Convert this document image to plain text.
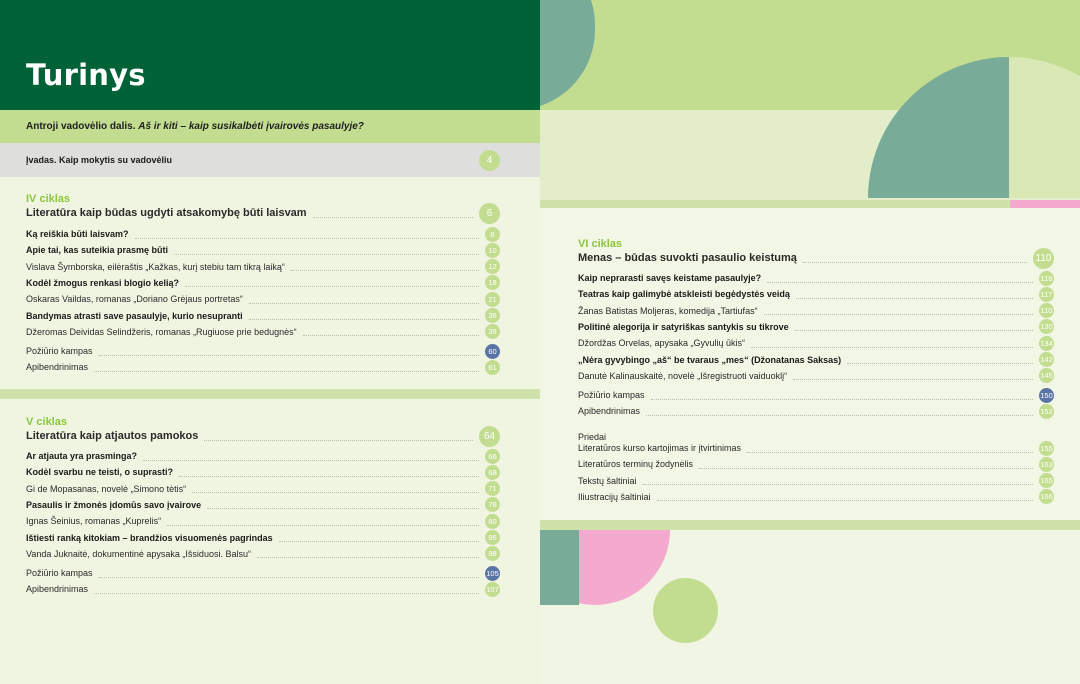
Turinys
Antroji vadovėlio dalis. Aš ir kiti – kaip susikalbėti įvairovės pasaulyje?
Įvadas. Kaip mokytis su vadovėliu	4
IV ciklas
Literatūra kaip būdas ugdyti atsakomybę būti laisvam	6
Ką reiškia būti laisvam?	8
Apie tai, kas suteikia prasmę būti	10
Vislava Šymborska, eilėraštis „Kažkas, kurį stebiu tam tikrą laiką“	12
Kodėl žmogus renkasi blogio kelią?	18
Oskaras Vaildas, romanas „Doriano Grėjaus portretas“	21
Bandymas atrasti save pasaulyje, kurio nesupranti	36
Džeromas Deividas Selindžeris, romanas „Rugiuose prie bedugnės“	39
Požiūrio kampas	60
Apibendrinimas	61
V ciklas
Literatūra kaip atjautos pamokos	64
Ar atjauta yra prasminga?	66
Kodėl svarbu ne teisti, o suprasti?	68
Gi de Mopasanas, novelė „Simono tėtis“	71
Pasaulis ir žmonės įdomūs savo įvairove	78
Ignas Šeinius, romanas „Kuprelis“	80
Ištiesti ranką kitokiam – brandžios visuomenės pagrindas	96
Vanda Juknaitė, dokumentinė apysaka „Išsiduosi. Balsu“	98
Požiūrio kampas	105
Apibendrinimas	107
VI ciklas
Menas – būdas suvokti pasaulio keistumą	110
Kaip neprarasti savęs keistame pasaulyje?	118
Teatras kaip galimybė atskleisti begėdystės veidą	117
Žanas Batistas Moljeras, komedija „Tartiufas“	110
Politinė alegorija ir satyriškas santykis su tikrove	130
Džordžas Orvelas, apysaka „Gyvulių ūkis“	134
„Nėra gyvybingo „aš“ be tvaraus „mes“ (Džonatanas Saksas)	142
Danutė Kalinauskaitė, novelė „Išregistruoti vaiduoklį“	145
Požiūrio kampas	150
Apibendrinimas	152
Priedai
Literatūros kurso kartojimas ir įtvirtinimas	155
Literatūros terminų žodynėlis	163
Tekstų šaltiniai	165
Iliustracijų šaltiniai	166
